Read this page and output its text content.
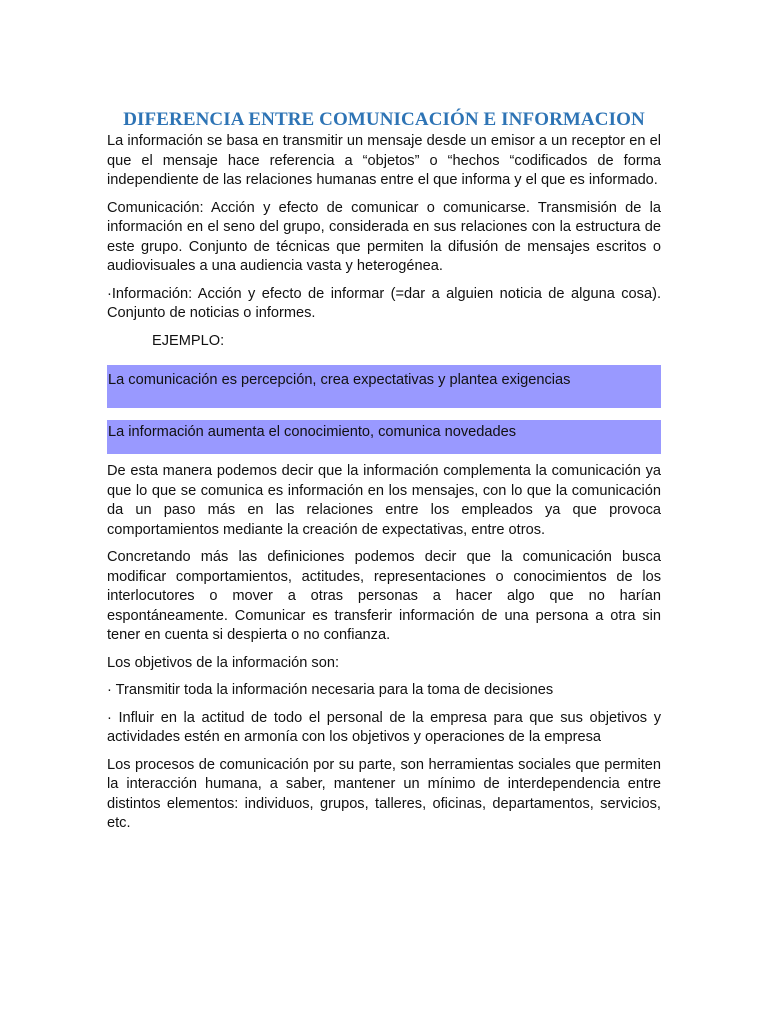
DIFERENCIA ENTRE COMUNICACIÓN E INFORMACION

La información se basa en transmitir un mensaje desde un emisor a un receptor en el que el mensaje hace referencia a “objetos” o “hechos “codificados de forma independiente de las relaciones humanas entre el que informa y el que es informado.

Comunicación: Acción y efecto de comunicar o comunicarse. Transmisión de la información en el seno del grupo, considerada en sus relaciones con la estructura de este grupo. Conjunto de técnicas que permiten la difusión de mensajes escritos o audiovisuales a una audiencia vasta y heterogénea.

·Información: Acción y efecto de informar (=dar a alguien noticia de alguna cosa). Conjunto de noticias o informes.

EJEMPLO:

La comunicación es percepción, crea expectativas y plantea exigencias
La información aumenta el conocimiento, comunica novedades

De esta manera podemos decir que la información complementa la comunicación ya que lo que se comunica es información en los mensajes, con lo que la comunicación da un paso más en las relaciones entre los empleados ya que provoca comportamientos mediante la creación de expectativas, entre otros.

Concretando más las definiciones podemos decir que la comunicación busca modificar comportamientos, actitudes, representaciones o conocimientos de los interlocutores o mover a otras personas a hacer algo que no harían espontáneamente. Comunicar es transferir información de una persona a otra sin tener en cuenta si despierta o no confianza.

Los objetivos de la información son:

· Transmitir toda la información necesaria para la toma de decisiones

· Influir en la actitud de todo el personal de la empresa para que sus objetivos y actividades estén en armonía con los objetivos y operaciones de la empresa

Los procesos de comunicación por su parte, son herramientas sociales que permiten la interacción humana, a saber, mantener un mínimo de interdependencia entre distintos elementos: individuos, grupos, talleres, oficinas, departamentos, servicios, etc.
